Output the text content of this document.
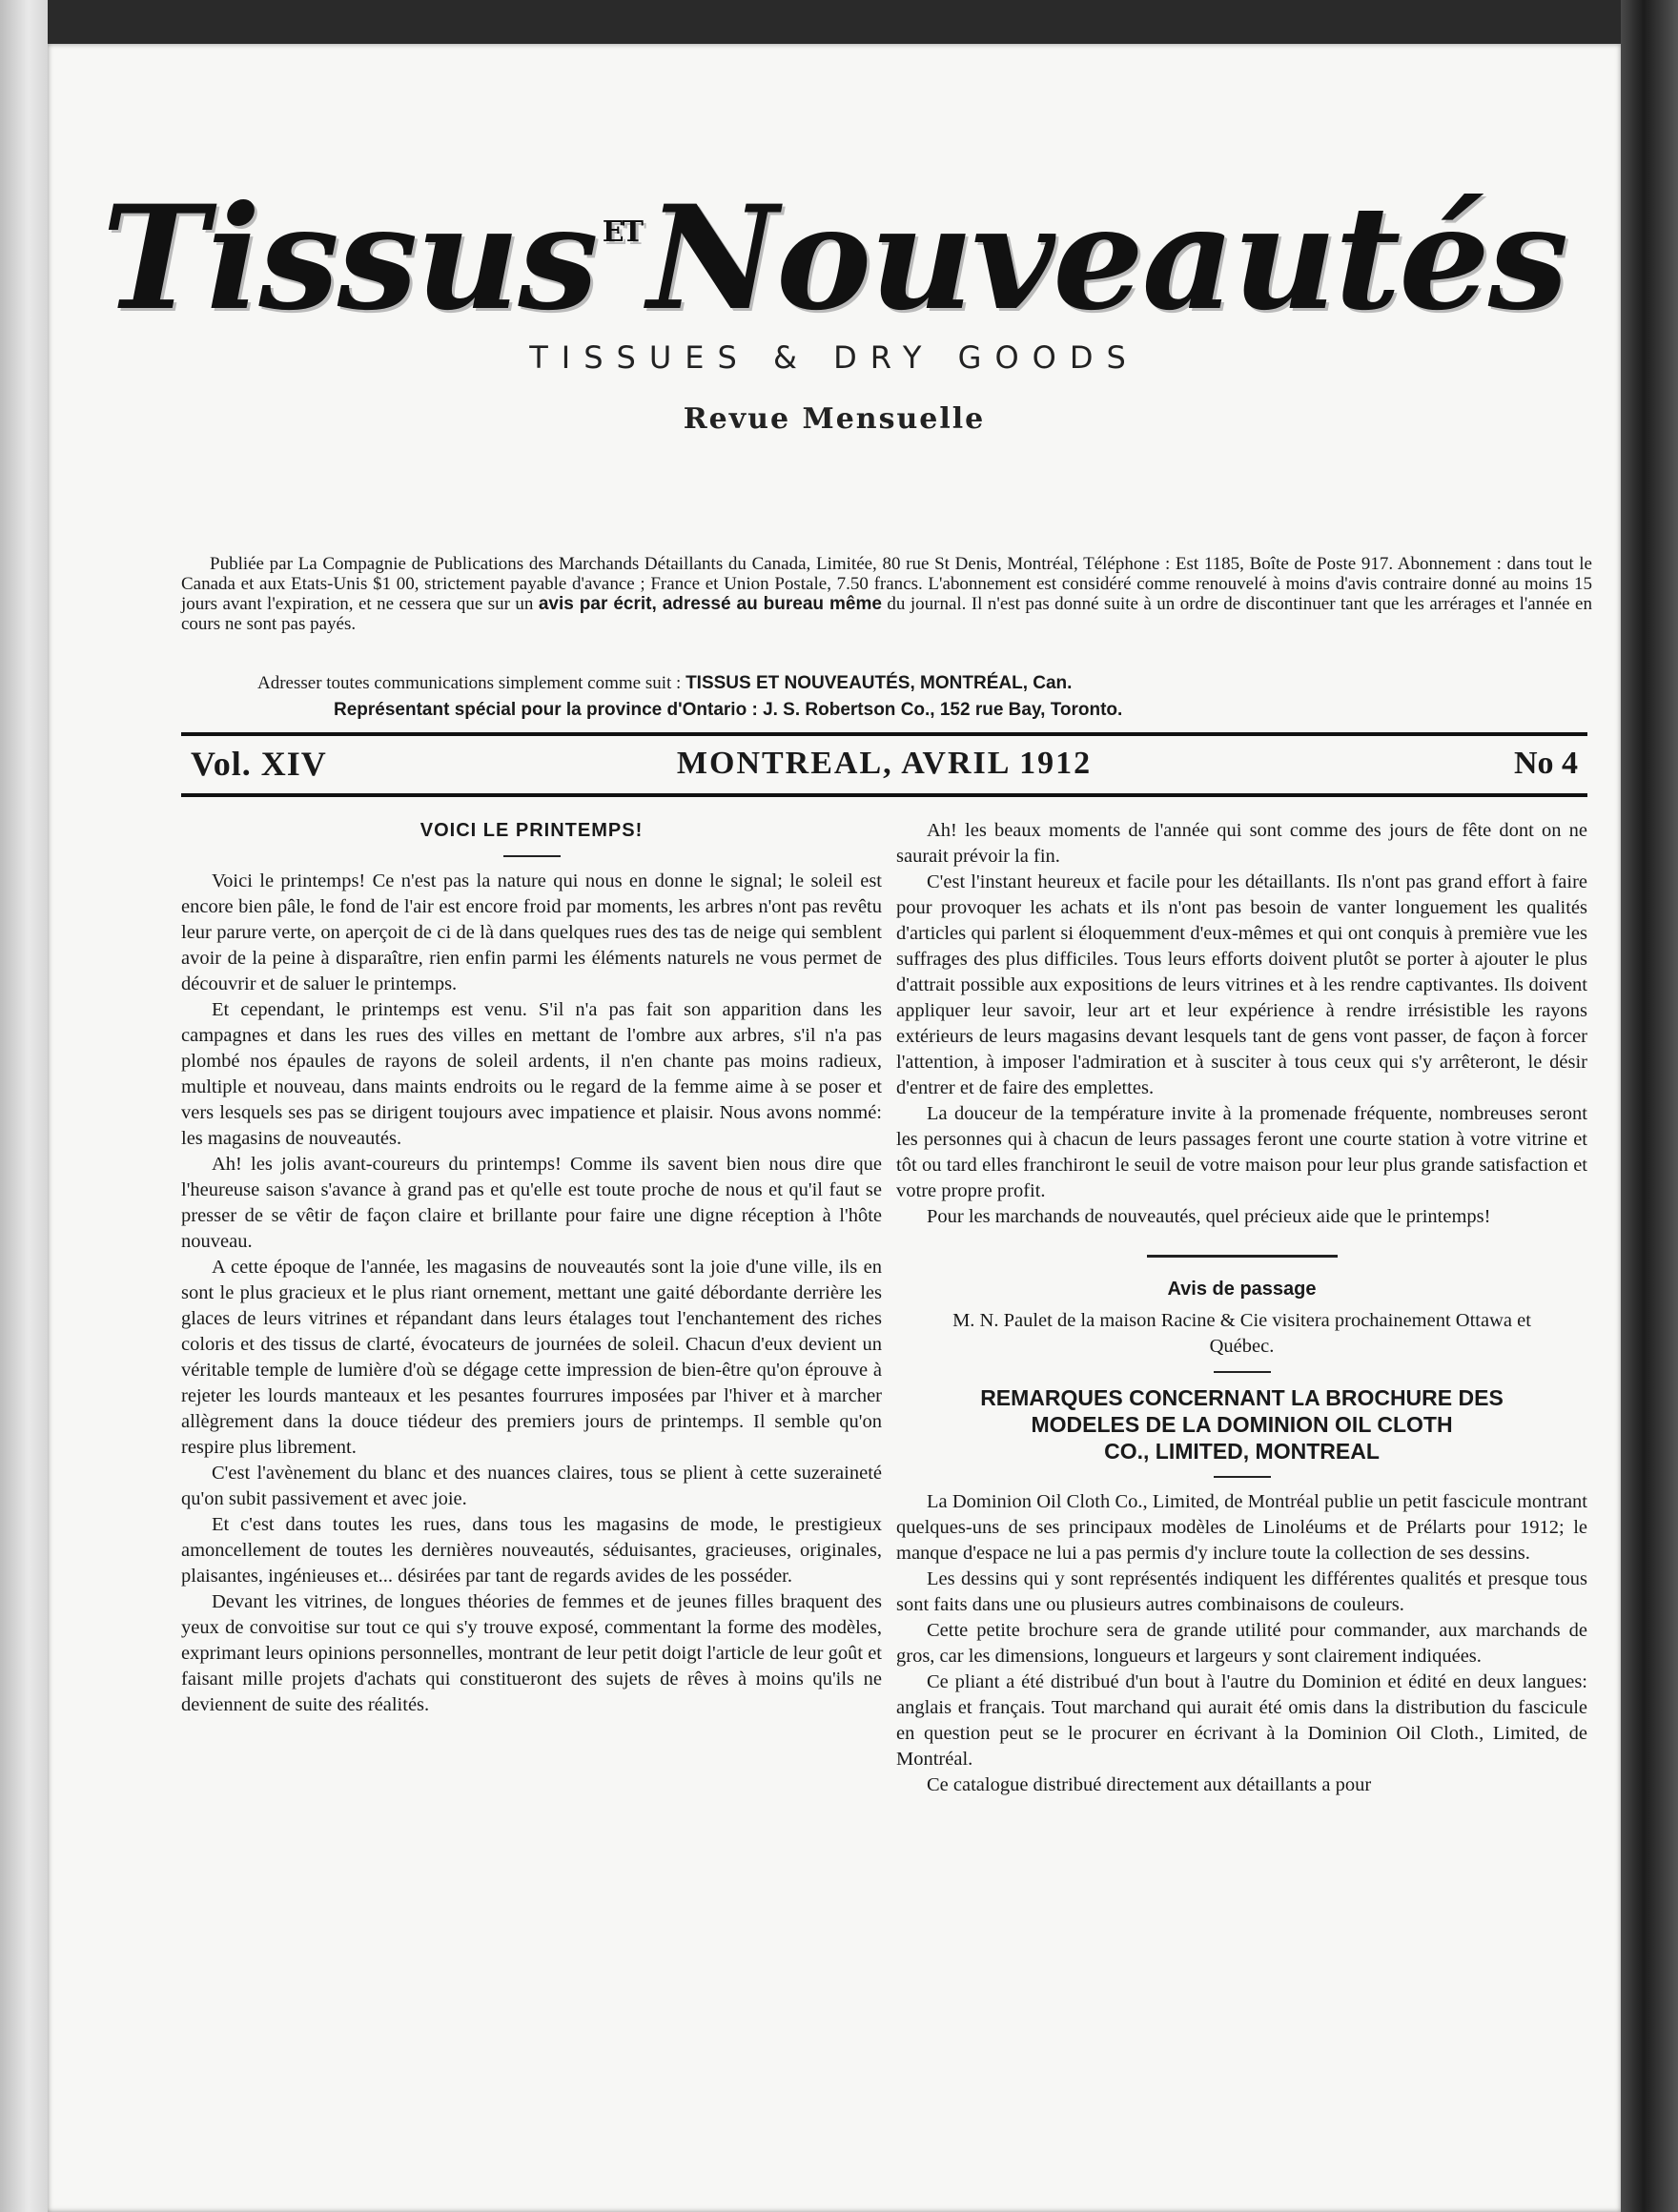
Tissus $^{ET}$Nouveautés
TISSUES & DRY GOODS
Revue Mensuelle
Publiée par La Compagnie de Publications des Marchands Détaillants du Canada, Limitée, 80 rue St Denis, Montréal, Téléphone : Est 1185, Boîte de Poste 917. Abonnement : dans tout le Canada et aux Etats-Unis $1 00, strictement payable d'avance ; France et Union Postale, 7.50 francs. L'abonnement est considéré comme renouvelé à moins d'avis contraire donné au moins 15 jours avant l'expiration, et ne cessera que sur un avis par écrit, adressé au bureau même du journal. Il n'est pas donné suite à un ordre de discontinuer tant que les arrérages et l'année en cours ne sont pas payés.
Adresser toutes communications simplement comme suit : TISSUS ET NOUVEAUTÉS, MONTRÉAL, Can.
Représentant spécial pour la province d'Ontario : J. S. Robertson Co., 152 rue Bay, Toronto.
Vol. XIV	MONTREAL, AVRIL 1912	No 4
VOICI LE PRINTEMPS!

Voici le printemps! Ce n'est pas la nature qui nous en donne le signal; le soleil est encore bien pâle, le fond de l'air est encore froid par moments, les arbres n'ont pas revêtu leur parure verte, on aperçoit de ci de là dans quelques rues des tas de neige qui semblent avoir de la peine à disparaître, rien enfin parmi les éléments naturels ne vous permet de découvrir et de saluer le printemps.

Et cependant, le printemps est venu. S'il n'a pas fait son apparition dans les campagnes et dans les rues des villes en mettant de l'ombre aux arbres, s'il n'a pas plombé nos épaules de rayons de soleil ardents, il n'en chante pas moins radieux, multiple et nouveau, dans maints endroits ou le regard de la femme aime à se poser et vers lesquels ses pas se dirigent toujours avec impatience et plaisir. Nous avons nommé: les magasins de nouveautés.

Ah! les jolis avant-coureurs du printemps! Comme ils savent bien nous dire que l'heureuse saison s'avance à grand pas et qu'elle est toute proche de nous et qu'il faut se presser de se vêtir de façon claire et brillante pour faire une digne réception à l'hôte nouveau.

A cette époque de l'année, les magasins de nouveautés sont la joie d'une ville, ils en sont le plus gracieux et le plus riant ornement, mettant une gaité débordante derrière les glaces de leurs vitrines et répandant dans leurs étalages tout l'enchantement des riches coloris et des tissus de clarté, évocateurs de journées de soleil. Chacun d'eux devient un véritable temple de lumière d'où se dégage cette impression de bien-être qu'on éprouve à rejeter les lourds manteaux et les pesantes fourrures imposées par l'hiver et à marcher allègrement dans la douce tiédeur des premiers jours de printemps. Il semble qu'on respire plus librement.

C'est l'avènement du blanc et des nuances claires, tous se plient à cette suzeraineté qu'on subit passivement et avec joie.

Et c'est dans toutes les rues, dans tous les magasins de mode, le prestigieux amoncellement de toutes les dernières nouveautés, séduisantes, gracieuses, originales, plaisantes, ingénieuses et... désirées par tant de regards avides de les posséder.

Devant les vitrines, de longues théories de femmes et de jeunes filles braquent des yeux de convoitise sur tout ce qui s'y trouve exposé, commentant la forme des modèles, exprimant leurs opinions personnelles, montrant de leur petit doigt l'article de leur goût et faisant mille projets d'achats qui constitueront des sujets de rêves à moins qu'ils ne deviennent de suite des réalités.

Ah! les beaux moments de l'année qui sont comme des jours de fête dont on ne saurait prévoir la fin.

C'est l'instant heureux et facile pour les détaillants. Ils n'ont pas grand effort à faire pour provoquer les achats et ils n'ont pas besoin de vanter longuement les qualités d'articles qui parlent si éloquemment d'eux-mêmes et qui ont conquis à première vue les suffrages des plus difficiles. Tous leurs efforts doivent plutôt se porter à ajouter le plus d'attrait possible aux expositions de leurs vitrines et à les rendre captivantes. Ils doivent appliquer leur savoir, leur art et leur expérience à rendre irrésistible les rayons extérieurs de leurs magasins devant lesquels tant de gens vont passer, de façon à forcer l'attention, à imposer l'admiration et à susciter à tous ceux qui s'y arrêteront, le désir d'entrer et de faire des emplettes.

La douceur de la température invite à la promenade fréquente, nombreuses seront les personnes qui à chacun de leurs passages feront une courte station à votre vitrine et tôt ou tard elles franchiront le seuil de votre maison pour leur plus grande satisfaction et votre propre profit.

Pour les marchands de nouveautés, quel précieux aide que le printemps!

Avis de passage
M. N. Paulet de la maison Racine & Cie visitera prochainement Ottawa et Québec.
REMARQUES CONCERNANT LA BROCHURE DES
MODELES DE LA DOMINION OIL CLOTH
CO., LIMITED, MONTREAL

La Dominion Oil Cloth Co., Limited, de Montréal publie un petit fascicule montrant quelques-uns de ses principaux modèles de Linoléums et de Prélarts pour 1912; le manque d'espace ne lui a pas permis d'y inclure toute la collection de ses dessins.

Les dessins qui y sont représentés indiquent les différentes qualités et presque tous sont faits dans une ou plusieurs autres combinaisons de couleurs.

Cette petite brochure sera de grande utilité pour commander, aux marchands de gros, car les dimensions, longueurs et largeurs y sont clairement indiquées.

Ce pliant a été distribué d'un bout à l'autre du Dominion et édité en deux langues: anglais et français. Tout marchand qui aurait été omis dans la distribution du fascicule en question peut se le procurer en écrivant à la Dominion Oil Cloth., Limited, de Montréal.

Ce catalogue distribué directement aux détaillants a pour
